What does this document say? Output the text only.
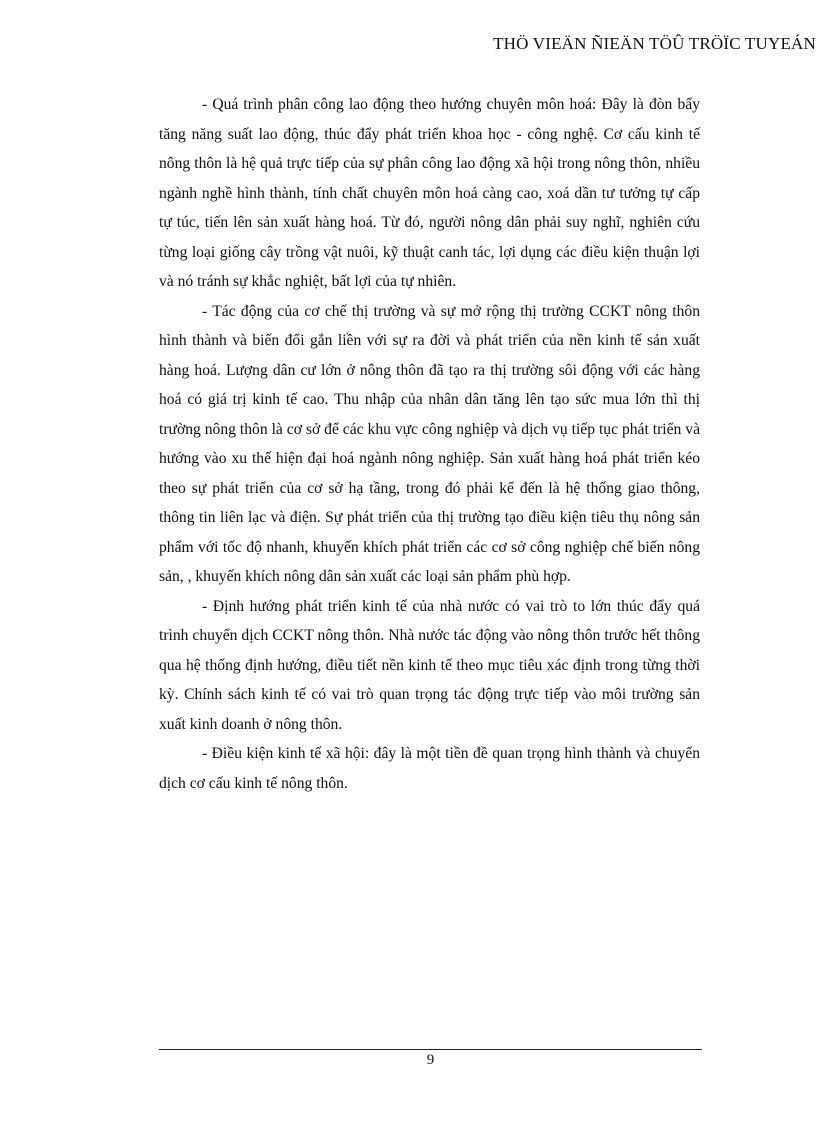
THÖ VIEÄN ÑIEÄN TÖÛ TRÖÏC TUYEÁN

- Quá trình phân công lao động theo hướng chuyên môn hoá: Đây là đòn bẩy tăng năng suất lao động, thúc đẩy phát triển khoa học - công nghệ. Cơ cấu kinh tế nông thôn là hệ quả trực tiếp của sự phân công lao động xã hội trong nông thôn, nhiều ngành nghề hình thành, tính chất chuyên môn hoá càng cao, xoá dần tư tưởng tự cấp tự túc, tiến lên sản xuất hàng hoá. Từ đó, người nông dân phải suy nghĩ, nghiên cứu từng loại giống cây trồng vật nuôi, kỹ thuật canh tác, lợi dụng các điều kiện thuận lợi và nó tránh sự khắc nghiệt, bất lợi của tự nhiên.

- Tác động của cơ chế thị trường và sự mở rộng thị trường CCKT nông thôn hình thành và biến đổi gắn liền với sự ra đời và phát triển của nền kinh tế sản xuất hàng hoá. Lượng dân cư lớn ở nông thôn đã tạo ra thị trường sôi động với các hàng hoá có giá trị kinh tế cao. Thu nhập của nhân dân tăng lên tạo sức mua lớn thì thị trường nông thôn là cơ sở để các khu vực công nghiệp và dịch vụ tiếp tục phát triển và hướng vào xu thế hiện đại hoá ngành nông nghiệp. Sản xuất hàng hoá phát triển kéo theo sự phát triển của cơ sở hạ tầng, trong đó phải kể đến là hệ thống giao thông, thông tin liên lạc và điện. Sự phát triển của thị trường tạo điều kiện tiêu thụ nông sản phẩm với tốc độ nhanh, khuyến khích phát triển các cơ sở công nghiệp chế biến nông sản, , khuyến khích nông dân sản xuất các loại sản phẩm phù hợp.

- Định hướng phát triển kinh tế của nhà nước có vai trò to lớn thúc đẩy quá trình chuyển dịch CCKT nông thôn. Nhà nước tác động vào nông thôn trước hết thông qua hệ thống định hướng, điều tiết nền kinh tế theo mục tiêu xác định trong từng thời kỳ. Chính sách kinh tế có vai trò quan trọng tác động trực tiếp vào môi trường sản xuất kinh doanh ở nông thôn.

- Điều kiện kinh tế xã hội: đây là một tiền đề quan trọng hình thành và chuyển dịch cơ cấu kinh tế nông thôn.

9
